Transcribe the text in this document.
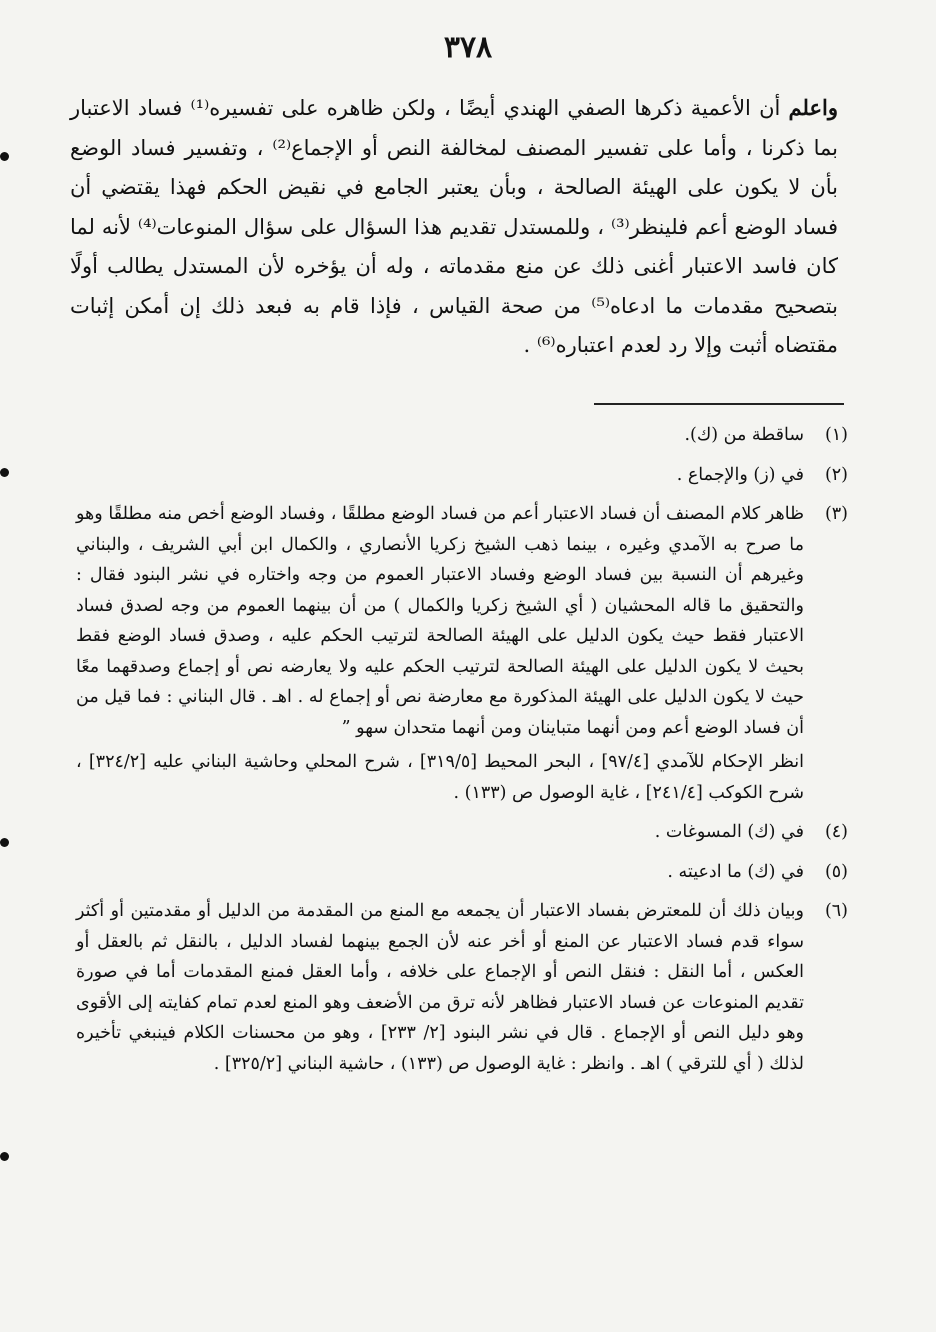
٣٧٨

واعلم أن الأعمية ذكرها الصفي الهندي أيضًا ، ولكن ظاهره على تفسيره⁽¹⁾ فساد الاعتبار بما ذكرنا ، وأما على تفسير المصنف لمخالفة النص أو الإجماع⁽²⁾ ، وتفسير فساد الوضع بأن لا يكون على الهيئة الصالحة ، وبأن يعتبر الجامع في نقيض الحكم فهذا يقتضي أن فساد الوضع أعم فلينظر⁽³⁾ ، وللمستدل تقديم هذا السؤال على سؤال المنوعات⁽⁴⁾ لأنه لما كان فاسد الاعتبار أغنى ذلك عن منع مقدماته ، وله أن يؤخره لأن المستدل يطالب أولًا بتصحيح مقدمات ما ادعاه⁽⁵⁾ من صحة القياس ، فإذا قام به فبعد ذلك إن أمكن إثبات مقتضاه أثبت وإلا رد لعدم اعتباره⁽⁶⁾ .

(١)

ساقطة من (ك).

(٢)

في (ز) والإجماع .

(٣)

ظاهر كلام المصنف أن فساد الاعتبار أعم من فساد الوضع مطلقًا ، وفساد الوضع أخص منه مطلقًا وهو ما صرح به الآمدي وغيره ، بينما ذهب الشيخ زكريا الأنصاري ، والكمال ابن أبي الشريف ، والبناني وغيرهم أن النسبة بين فساد الوضع وفساد الاعتبار العموم من وجه واختاره في نشر البنود فقال : والتحقيق ما قاله المحشيان ( أي الشيخ زكريا والكمال ) من أن بينهما العموم من وجه لصدق فساد الاعتبار فقط حيث يكون الدليل على الهيئة الصالحة لترتيب الحكم عليه ، وصدق فساد الوضع فقط بحيث لا يكون الدليل على الهيئة الصالحة لترتيب الحكم عليه ولا يعارضه نص أو إجماع وصدقهما معًا حيث لا يكون الدليل على الهيئة المذكورة مع معارضة نص أو إجماع له . اهـ . قال البناني : فما قيل من أن فساد الوضع أعم ومن أنهما متباينان ومن أنهما متحدان سهو ”

انظر الإحكام للآمدي [٩٧/٤] ، البحر المحيط [٣١٩/٥] ، شرح المحلي وحاشية البناني عليه [٣٢٤/٢] ، شرح الكوكب [٢٤١/٤] ، غاية الوصول ص (١٣٣) .

(٤)

في (ك) المسوغات .

(٥)

في (ك) ما ادعيته .

(٦)

وبيان ذلك أن للمعترض بفساد الاعتبار أن يجمعه مع المنع من المقدمة من الدليل أو مقدمتين أو أكثر سواء قدم فساد الاعتبار عن المنع أو أخر عنه لأن الجمع بينهما لفساد الدليل ، بالنقل ثم بالعقل أو العكس ، أما النقل : فنقل النص أو الإجماع على خلافه ، وأما العقل فمنع المقدمات أما في صورة تقديم المنوعات عن فساد الاعتبار فظاهر لأنه ترق من الأضعف وهو المنع لعدم تمام كفايته إلى الأقوى وهو دليل النص أو الإجماع . قال في نشر البنود [٢/ ٢٣٣] ، وهو من محسنات الكلام فينبغي تأخيره لذلك ( أي للترقي ) اهـ . وانظر : غاية الوصول ص (١٣٣) ، حاشية البناني [٣٢٥/٢] .
